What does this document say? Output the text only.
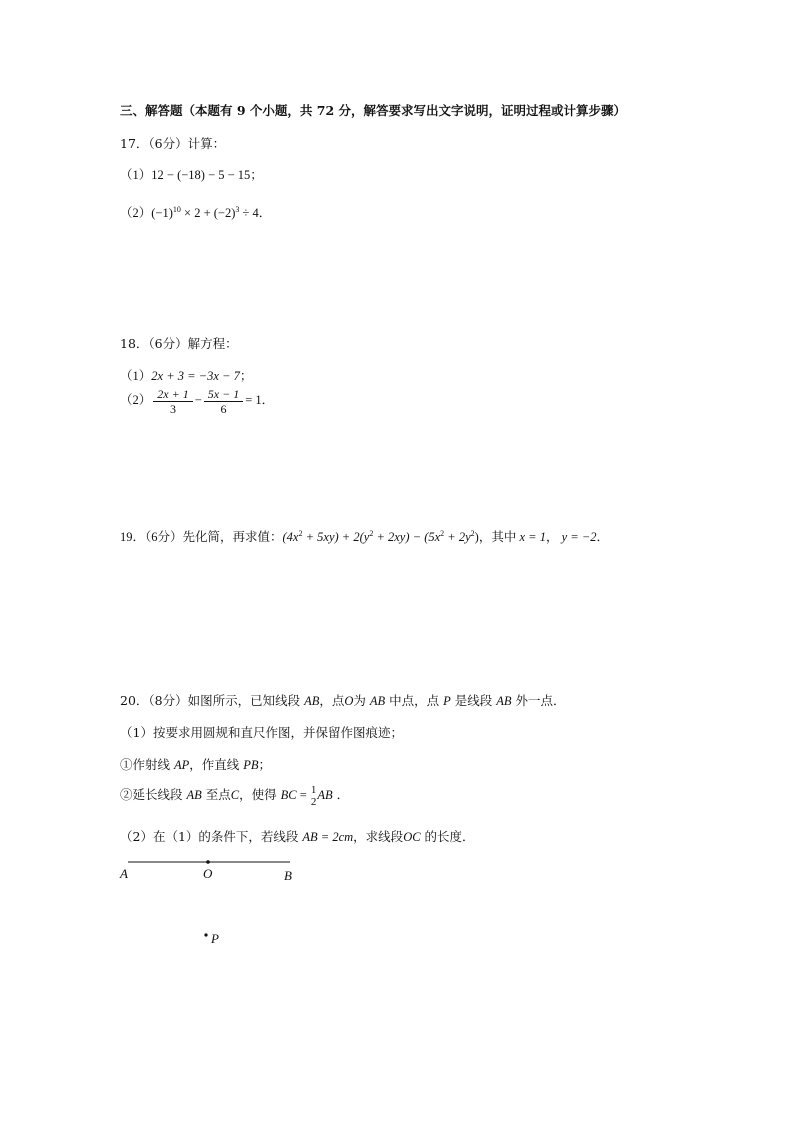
三、解答题（本题有 9 个小题，共 72 分，解答要求写出文字说明，证明过程或计算步骤）
17．（6分）计算：
（1）12 − (−18) − 5 − 15；
$(2)(-1)^{10} \times 2 + (-2)^3 \div 4$．
18．（6分）解方程：
（1）2x + 3 = −3x − 7；
$(2) \frac{2x + 1}{3} - \frac{5x - 1}{6} = 1$．
19．（6分）先化简，再求值：$(4x^2 + 5xy) + 2(y^2 + 2xy) - (5x^2 + 2y^2)$，其中 x = 1， y = −2．
20．（8分）如图所示，已知线段 AB，点O为 AB 中点，点 P 是线段 AB 外一点．
（1）按要求用圆规和直尺作图，并保留作图痕迹；
①作射线 AP，作直线 PB；
②延长线段 AB 至点C，使得 BC = 1
2 AB ．
（2）在（1）的条件下，若线段 AB = 2cm，求线段OC 的长度．
A	O	B
P
